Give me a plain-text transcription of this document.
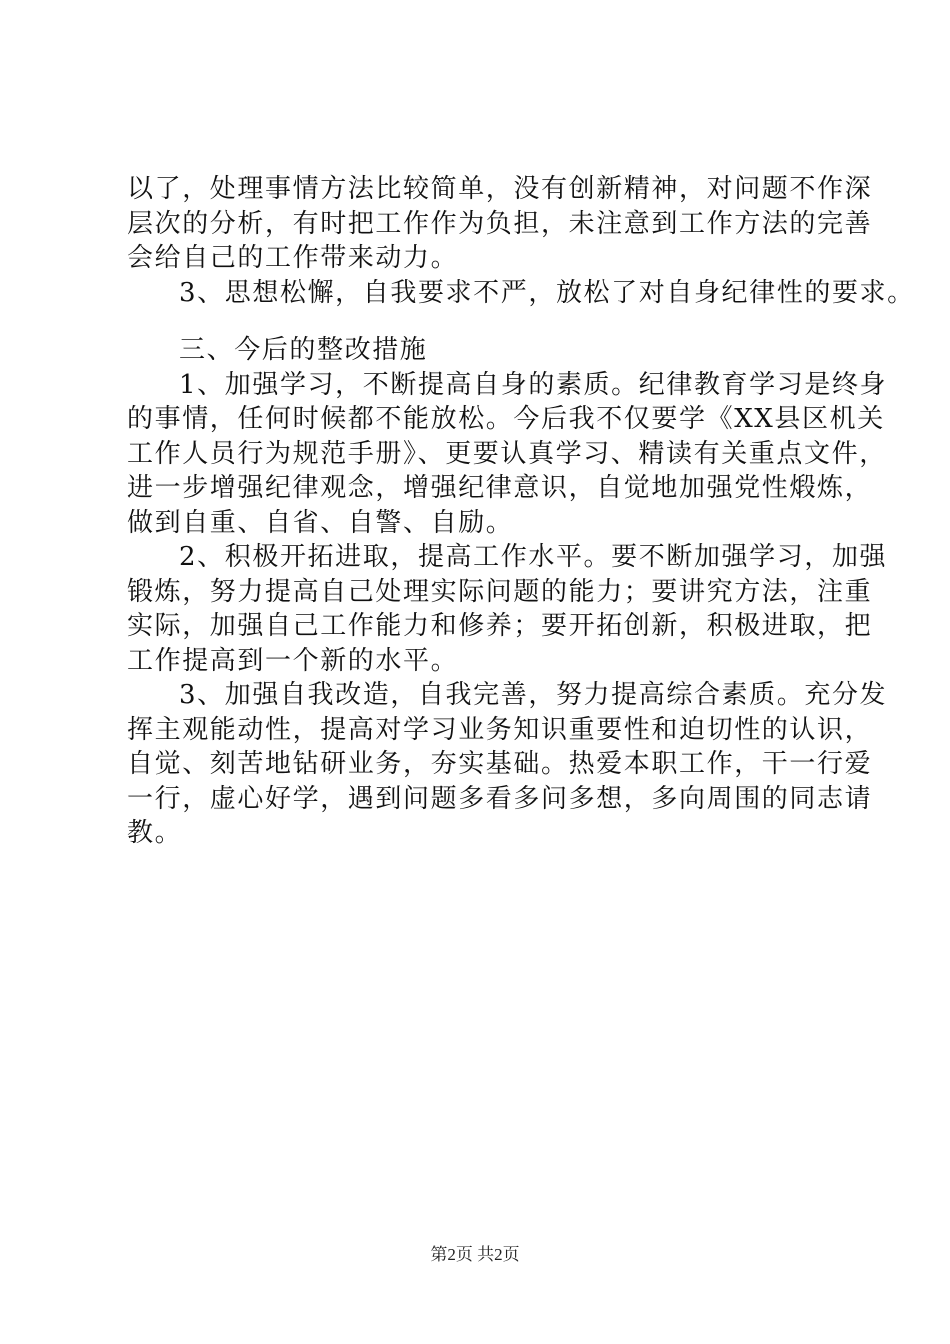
以了，处理事情方法比较简单，没有创新精神，对问题不作深
层次的分析，有时把工作作为负担，未注意到工作方法的完善
会给自己的工作带来动力。
3、思想松懈，自我要求不严，放松了对自身纪律性的要求。
三、今后的整改措施
1、加强学习，不断提高自身的素质。纪律教育学习是终身
的事情，任何时候都不能放松。今后我不仅要学《XX县区机关
工作人员行为规范手册》、更要认真学习、精读有关重点文件，
进一步增强纪律观念，增强纪律意识，自觉地加强党性煅炼，
做到自重、自省、自警、自励。
2、积极开拓进取，提高工作水平。要不断加强学习，加强
锻炼，努力提高自己处理实际问题的能力；要讲究方法，注重
实际，加强自己工作能力和修养；要开拓创新，积极进取，把
工作提高到一个新的水平。
3、加强自我改造，自我完善，努力提高综合素质。充分发
挥主观能动性，提高对学习业务知识重要性和迫切性的认识，
自觉、刻苦地钻研业务，夯实基础。热爱本职工作，干一行爱
一行，虚心好学，遇到问题多看多问多想，多向周围的同志请
教。
第2页 共2页
